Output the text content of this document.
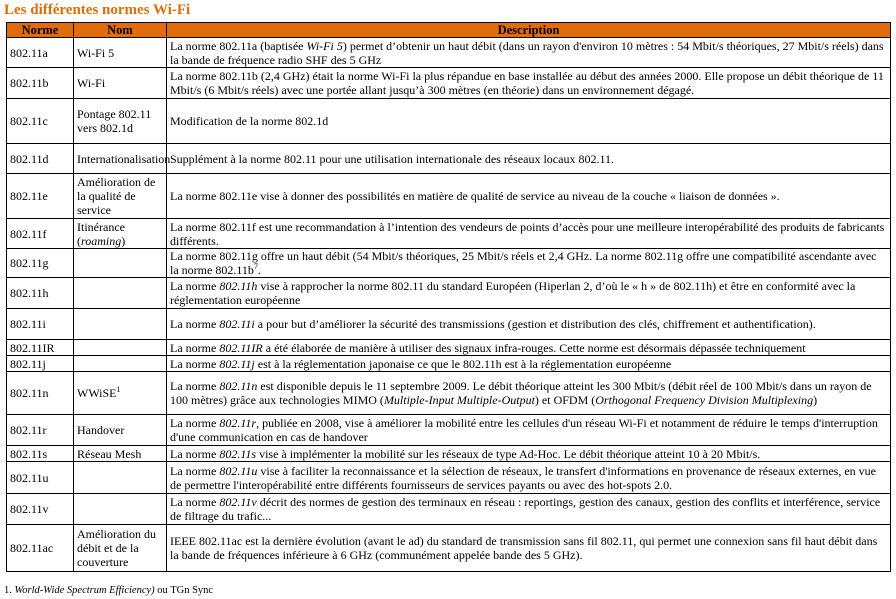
Les différentes normes Wi-Fi
Norme	Nom	Description
802.11a	Wi-Fi 5	La norme 802.11a (baptisée Wi-Fi 5) permet d’obtenir un haut débit (dans un rayon d'environ 10 mètres : 54 Mbit/s théoriques, 27 Mbit/s réels) dans la bande de fréquence radio SHF des 5 GHz
802.11b	Wi-Fi	La norme 802.11b (2,4 GHz) était la norme Wi-Fi la plus répandue en base installée au début des années 2000. Elle propose un débit théorique de 11 Mbit/s (6 Mbit/s réels) avec une portée allant jusqu’à 300 mètres (en théorie) dans un environnement dégagé.
802.11c	Pontage 802.11 vers 802.1d	Modification de la norme 802.1d
802.11d	Internationalisation	Supplément à la norme 802.11 pour une utilisation internationale des réseaux locaux 802.11.
802.11e	Amélioration de la qualité de service	La norme 802.11e vise à donner des possibilités en matière de qualité de service au niveau de la couche « liaison de données ».
802.11f	Itinérance (roaming)	La norme 802.11f est une recommandation à l’intention des vendeurs de points d’accès pour une meilleure interopérabilité des produits de fabricants différents.
802.11g		La norme 802.11g offre un haut débit (54 Mbit/s théoriques, 25 Mbit/s réels et 2,4 GHz. La norme 802.11g offre une compatibilité ascendante avec la norme $802.11b^7$.
802.11h		La norme 802.11h vise à rapprocher la norme 802.11 du standard Européen (Hiperlan 2, d’où le « h » de 802.11h) et être en conformité avec la réglementation européenne
802.11i		La norme 802.11i a pour but d’améliorer la sécurité des transmissions (gestion et distribution des clés, chiffrement et authentification).
802.11IR		La norme 802.11IR a été élaborée de manière à utiliser des signaux infra-rouges. Cette norme est désormais dépassée techniquement
802.11j		La norme 802.11j est à la réglementation japonaise ce que le 802.11h est à la réglementation européenne
802.11n	WWiSE$^1$	La norme 802.11n est disponible depuis le 11 septembre 2009. Le débit théorique atteint les 300 Mbit/s (débit réel de 100 Mbit/s dans un rayon de 100 mètres) grâce aux technologies MIMO (Multiple-Input Multiple-Output) et OFDM (Orthogonal Frequency Division Multiplexing)
802.11r	Handover	La norme 802.11r, publiée en 2008, vise à améliorer la mobilité entre les cellules d'un réseau Wi-Fi et notamment de réduire le temps d'interruption d'une communication en cas de handover
802.11s	Réseau Mesh	La norme 802.11s vise à implémenter la mobilité sur les réseaux de type Ad-Hoc. Le débit théorique atteint 10 à 20 Mbit/s.
802.11u		La norme 802.11u vise à faciliter la reconnaissance et la sélection de réseaux, le transfert d'informations en provenance de réseaux externes, en vue de permettre l'interopérabilité entre différents fournisseurs de services payants ou avec des hot-spots 2.0.
802.11v		La norme 802.11v décrit des normes de gestion des terminaux en réseau : reportings, gestion des canaux, gestion des conflits et interférence, service de filtrage du trafic...
802.11ac	Amélioration du débit et de la couverture	IEEE 802.11ac est la dernière évolution (avant le ad) du standard de transmission sans fil 802.11, qui permet une connexion sans fil haut débit dans la bande de fréquences inférieure à 6 GHz (communément appelée bande des 5 GHz).
1. World-Wide Spectrum Efficiency) ou TGn Sync
